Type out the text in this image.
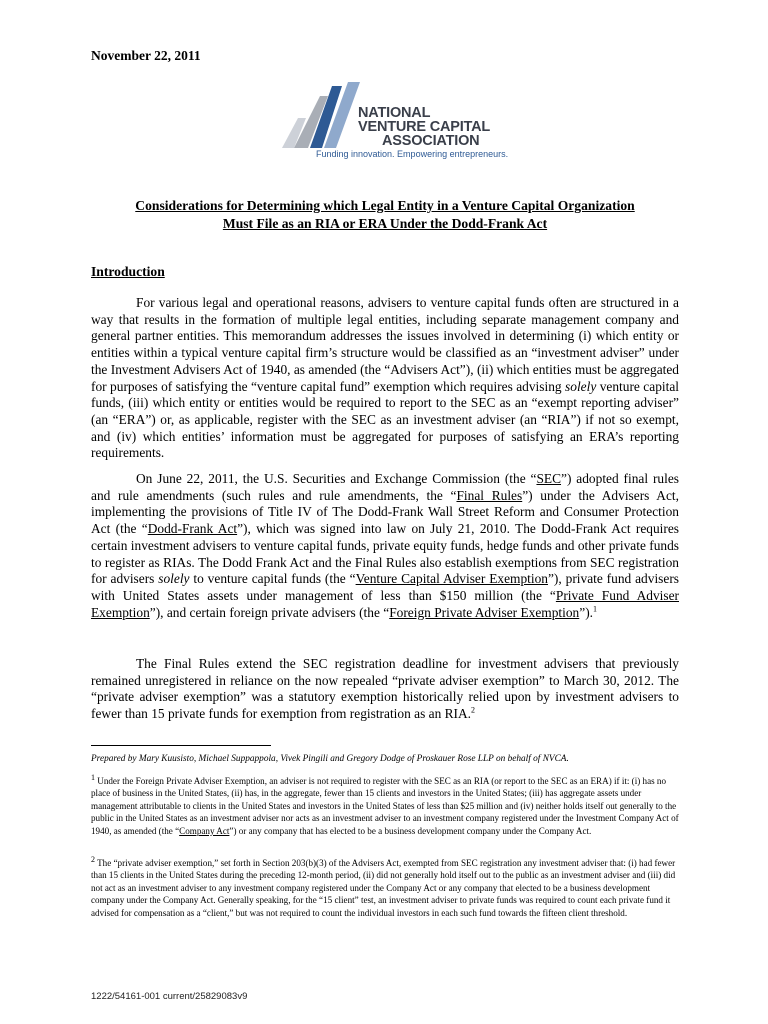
November 22, 2011
NATIONAL
VENTURE CAPITAL
ASSOCIATION
Funding innovation. Empowering entrepreneurs.
Considerations for Determining which Legal Entity in a Venture Capital Organization
Must File as an RIA or ERA Under the Dodd-Frank Act
Introduction
For various legal and operational reasons, advisers to venture capital funds often are structured in a way that results in the formation of multiple legal entities, including separate management company and general partner entities. This memorandum addresses the issues involved in determining (i) which entity or entities within a typical venture capital firm’s structure would be classified as an “investment adviser” under the Investment Advisers Act of 1940, as amended (the “Advisers Act”), (ii) which entities must be aggregated for purposes of satisfying the “venture capital fund” exemption which requires advising solely venture capital funds, (iii) which entity or entities would be required to report to the SEC as an “exempt reporting adviser” (an “ERA”) or, as applicable, register with the SEC as an investment adviser (an “RIA”) if not so exempt, and (iv) which entities’ information must be aggregated for purposes of satisfying an ERA’s reporting requirements.
On June 22, 2011, the U.S. Securities and Exchange Commission (the “SEC”) adopted final rules and rule amendments (such rules and rule amendments, the “Final Rules”) under the Advisers Act, implementing the provisions of Title IV of The Dodd-Frank Wall Street Reform and Consumer Protection Act (the “Dodd-Frank Act”), which was signed into law on July 21, 2010. The Dodd-Frank Act requires certain investment advisers to venture capital funds, private equity funds, hedge funds and other private funds to register as RIAs. The Dodd Frank Act and the Final Rules also establish exemptions from SEC registration for advisers solely to venture capital funds (the “Venture Capital Adviser Exemption”), private fund advisers with United States assets under management of less than $150 million (the “Private Fund Adviser Exemption”), and certain foreign private advisers (the “Foreign Private Adviser Exemption”).$^1$
The Final Rules extend the SEC registration deadline for investment advisers that previously remained unregistered in reliance on the now repealed “private adviser exemption” to March 30, 2012. The “private adviser exemption” was a statutory exemption historically relied upon by investment advisers to fewer than 15 private funds for exemption from registration as an RIA.$^2$
Prepared by Mary Kuusisto, Michael Suppappola, Vivek Pingili and Gregory Dodge of Proskauer Rose LLP on behalf of NVCA.
1 Under the Foreign Private Adviser Exemption, an adviser is not required to register with the SEC as an RIA (or report to the SEC as an ERA) if it: (i) has no place of business in the United States, (ii) has, in the aggregate, fewer than 15 clients and investors in the United States; (iii) has aggregate assets under management attributable to clients in the United States and investors in the United States of less than $25 million and (iv) neither holds itself out generally to the public in the United States as an investment adviser nor acts as an investment adviser to an investment company registered under the Investment Company Act of 1940, as amended (the “Company Act”) or any company that has elected to be a business development company under the Company Act.
2 The “private adviser exemption,” set forth in Section 203(b)(3) of the Advisers Act, exempted from SEC registration any investment adviser that: (i) had fewer than 15 clients in the United States during the preceding 12-month period, (ii) did not generally hold itself out to the public as an investment adviser and (iii) did not act as an investment adviser to any investment company registered under the Company Act or any company that elected to be a business development company under the Company Act. Generally speaking, for the “15 client” test, an investment adviser to private funds was required to count each private fund it advised for compensation as a “client,” but was not required to count the individual investors in each such fund towards the fifteen client threshold.
1222/54161-001 current/25829083v9
